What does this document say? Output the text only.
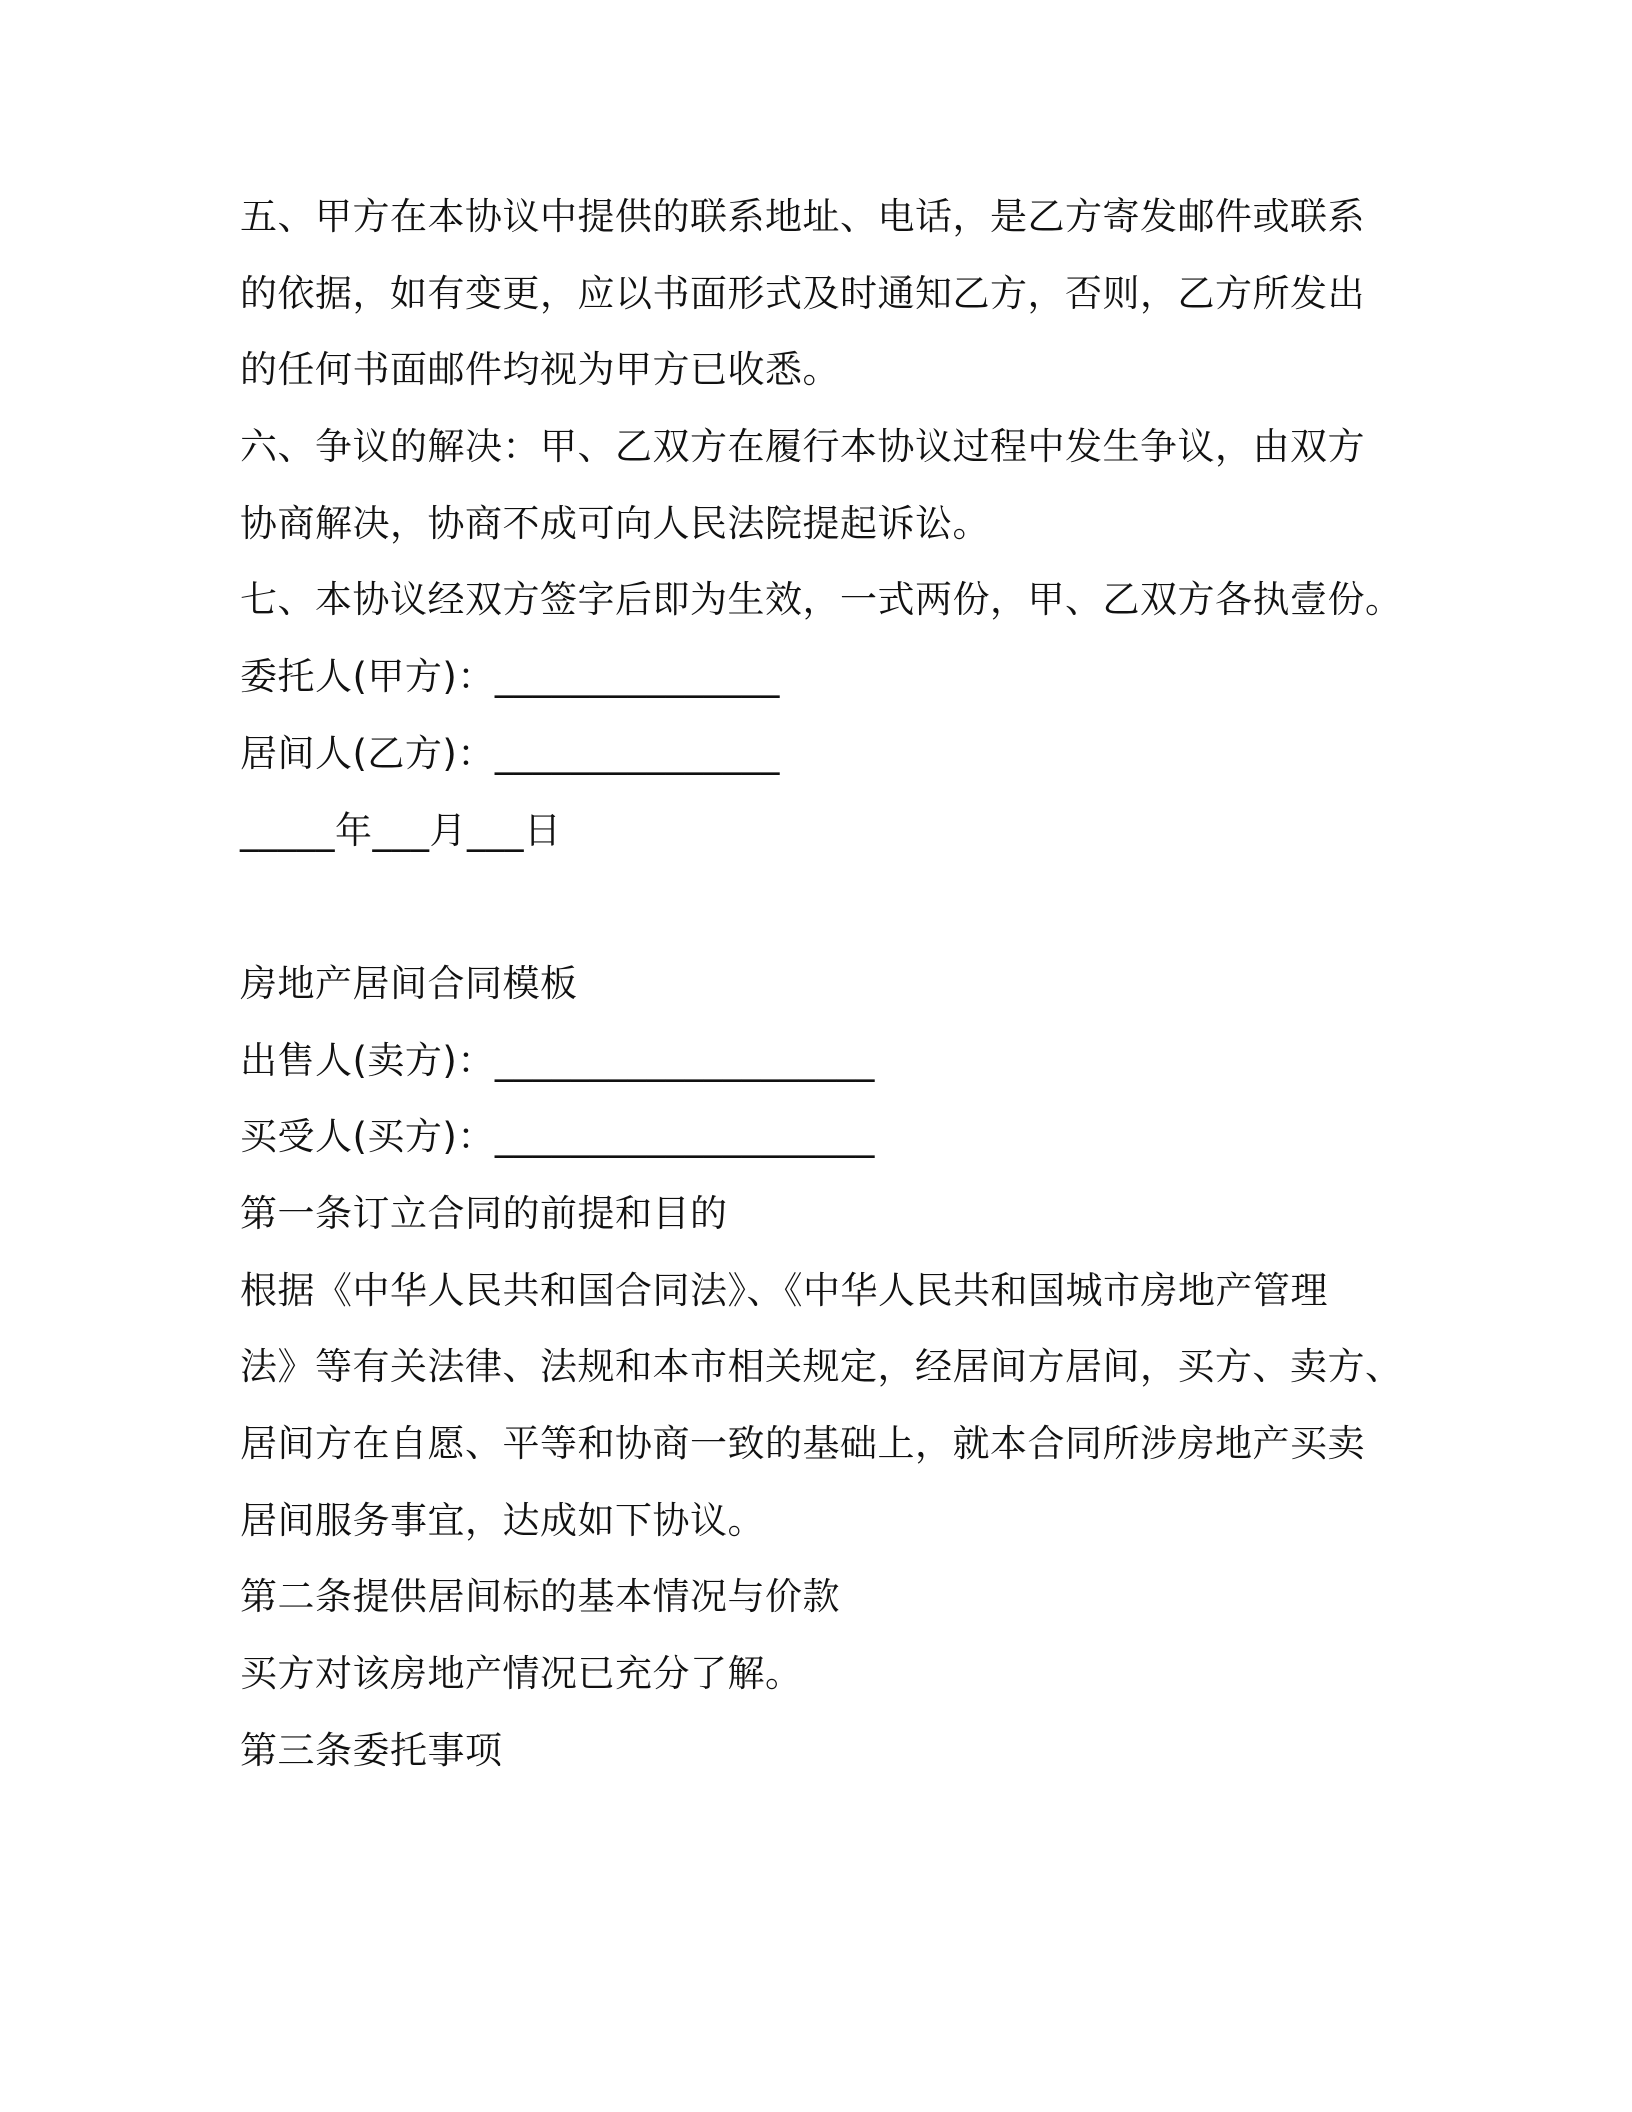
五、甲方在本协议中提供的联系地址、电话，是乙方寄发邮件或联系
的依据，如有变更，应以书面形式及时通知乙方，否则，乙方所发出
的任何书面邮件均视为甲方已收悉。
六、争议的解决：甲、乙双方在履行本协议过程中发生争议，由双方
协商解决，协商不成可向人民法院提起诉讼。
七、本协议经双方签字后即为生效，一式两份，甲、乙双方各执壹份。
委托人(甲方)：_______________
居间人(乙方)：_______________
_____年___月___日
房地产居间合同模板
出售人(卖方)：____________________
买受人(买方)：____________________
第一条订立合同的前提和目的
根据《中华人民共和国合同法》、《中华人民共和国城市房地产管理
法》等有关法律、法规和本市相关规定，经居间方居间，买方、卖方、
居间方在自愿、平等和协商一致的基础上，就本合同所涉房地产买卖
居间服务事宜，达成如下协议。
第二条提供居间标的基本情况与价款
买方对该房地产情况已充分了解。
第三条委托事项
